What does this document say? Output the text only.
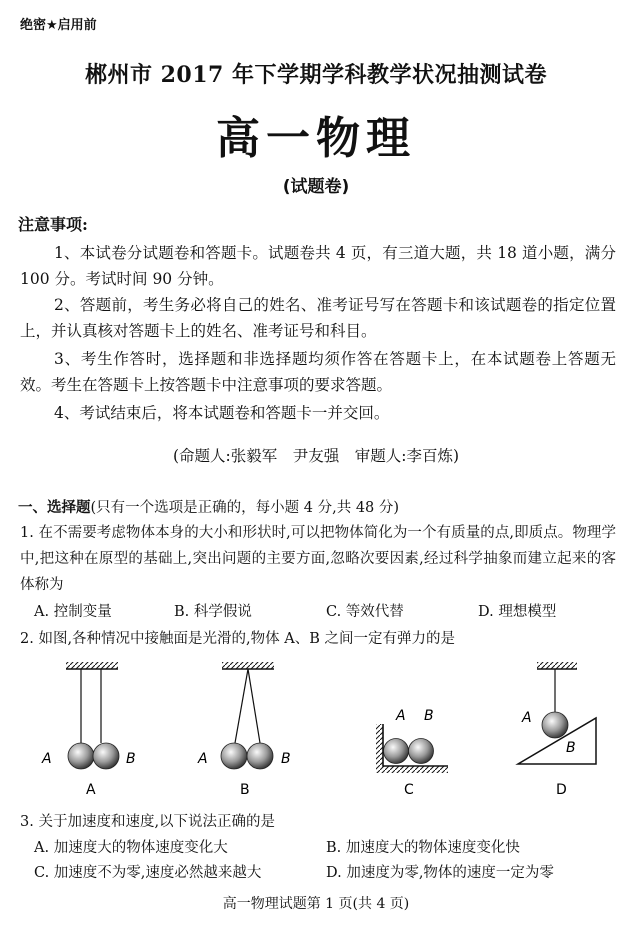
绝密★启用前
郴州市 2017 年下学期学科教学状况抽测试卷
高一物理
(试题卷)
注意事项:
1、本试卷分试题卷和答题卡。试题卷共 4 页，有三道大题，共 18 道小题，满分 100 分。考试时间 90 分钟。
2、答题前，考生务必将自己的姓名、准考证号写在答题卡和该试题卷的指定位置上，并认真核对答题卡上的姓名、准考证号和科目。
3、考生作答时，选择题和非选择题均须作答在答题卡上，在本试题卷上答题无效。考生在答题卡上按答题卡中注意事项的要求答题。
4、考试结束后，将本试题卷和答题卡一并交回。
(命题人:张毅军　尹友强　审题人:李百炼)
一、选择题(只有一个选项是正确的，每小题 4 分,共 48 分)
1. 在不需要考虑物体本身的大小和形状时,可以把物体简化为一个有质量的点,即质点。物理学中,把这种在原型的基础上,突出问题的主要方面,忽略次要因素,经过科学抽象而建立起来的客体称为
A. 控制变量	B. 科学假说	C. 等效代替	D. 理想模型
2. 如图,各种情况中接触面是光滑的,物体 A、B 之间一定有弹力的是
A	B	A	B
A B	A
B
A	B	C	D
3. 关于加速度和速度,以下说法正确的是
A. 加速度大的物体速度变化大	B. 加速度大的物体速度变化快
C. 加速度不为零,速度必然越来越大	D. 加速度为零,物体的速度一定为零
高一物理试题第 1 页(共 4 页)
